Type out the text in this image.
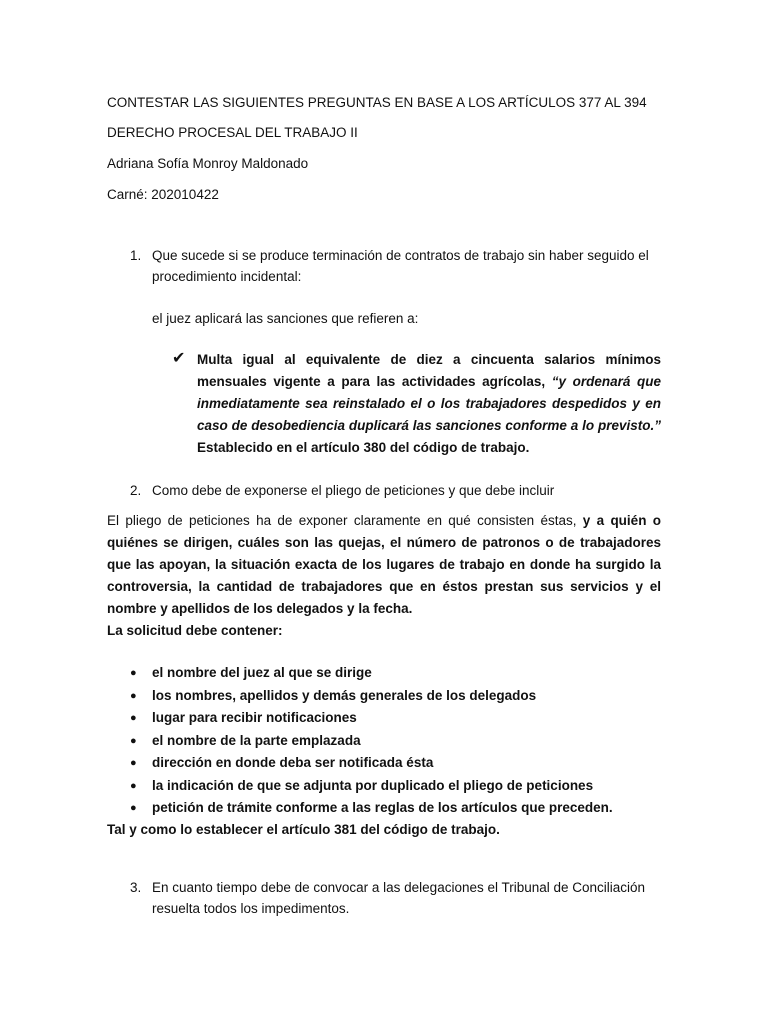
CONTESTAR LAS SIGUIENTES PREGUNTAS EN BASE A LOS ARTÍCULOS 377 AL 394

DERECHO PROCESAL DEL TRABAJO II

Adriana Sofía Monroy Maldonado

Carné: 202010422

1. Que sucede si se produce terminación de contratos de trabajo sin haber seguido el procedimiento incidental:

el juez aplicará las sanciones que refieren a:

✔ Multa igual al equivalente de diez a cincuenta salarios mínimos mensuales vigente a para las actividades agrícolas, “y ordenará que inmediatamente sea reinstalado el o los trabajadores despedidos y en caso de desobediencia duplicará las sanciones conforme a lo previsto.” Establecido en el artículo 380 del código de trabajo.

2. Como debe de exponerse el pliego de peticiones y que debe incluir

El pliego de peticiones ha de exponer claramente en qué consisten éstas, y a quién o quiénes se dirigen, cuáles son las quejas, el número de patronos o de trabajadores que las apoyan, la situación exacta de los lugares de trabajo en donde ha surgido la controversia, la cantidad de trabajadores que en éstos prestan sus servicios y el nombre y apellidos de los delegados y la fecha.

La solicitud debe contener:

● el nombre del juez al que se dirige
● los nombres, apellidos y demás generales de los delegados
● lugar para recibir notificaciones
● el nombre de la parte emplazada
● dirección en donde deba ser notificada ésta
● la indicación de que se adjunta por duplicado el pliego de peticiones
● petición de trámite conforme a las reglas de los artículos que preceden.

Tal y como lo establecer el artículo 381 del código de trabajo.

3. En cuanto tiempo debe de convocar a las delegaciones el Tribunal de Conciliación resuelta todos los impedimentos.
